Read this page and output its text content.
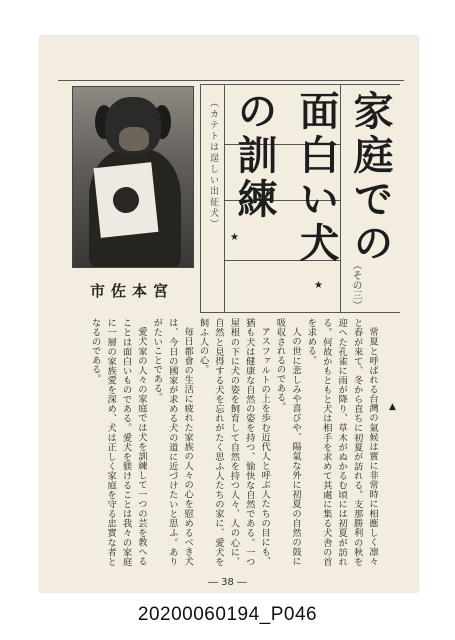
市佐本宮
家庭での
面白い犬
の訓練
（カテトは逞しい出征犬）
（その三）
★
★
▲

常夏と呼ばれる台灣の氣候は實に非常時に相應しく凛々と春が來て、冬から直ちに初夏が訪れる。支那勝利の秋を迎へた孔雀に雨が降り、草木がぬかるむ頃には初夏が訪れる。何故かもともと犬は相手を求めて其處に集る犬舎の首を求める。

人の世に悲しみや喜びや、陽氣な外に初夏の自然の鼓に吸収されるのである。

アスファルトの上を歩む近代人と呼ぶ人たちの目にも、猶も犬は健康な自然の姿を持つ、愉快な自然である。一つ屋根の下に犬の姿を飼育して自然を持つ人々、人の心に、自然と見得する犬を忘れがたく思ふ人たちの家に、愛犬を飼ふ人の心。

毎日都會の生活に疲れた家族の人々の心を慰めるべき犬は、今日の國家が求める犬の道に近づけたいと思ふ。ありがたいことである。

愛犬家の人々の家庭では犬を訓練して一つの芸を教へることは面白いものである。愛犬を躾けることは我々の家庭に一層の家族愛を深め、犬は正しく家庭を守る忠實な者となるのである。

― 38 ―
20200060194_P046
